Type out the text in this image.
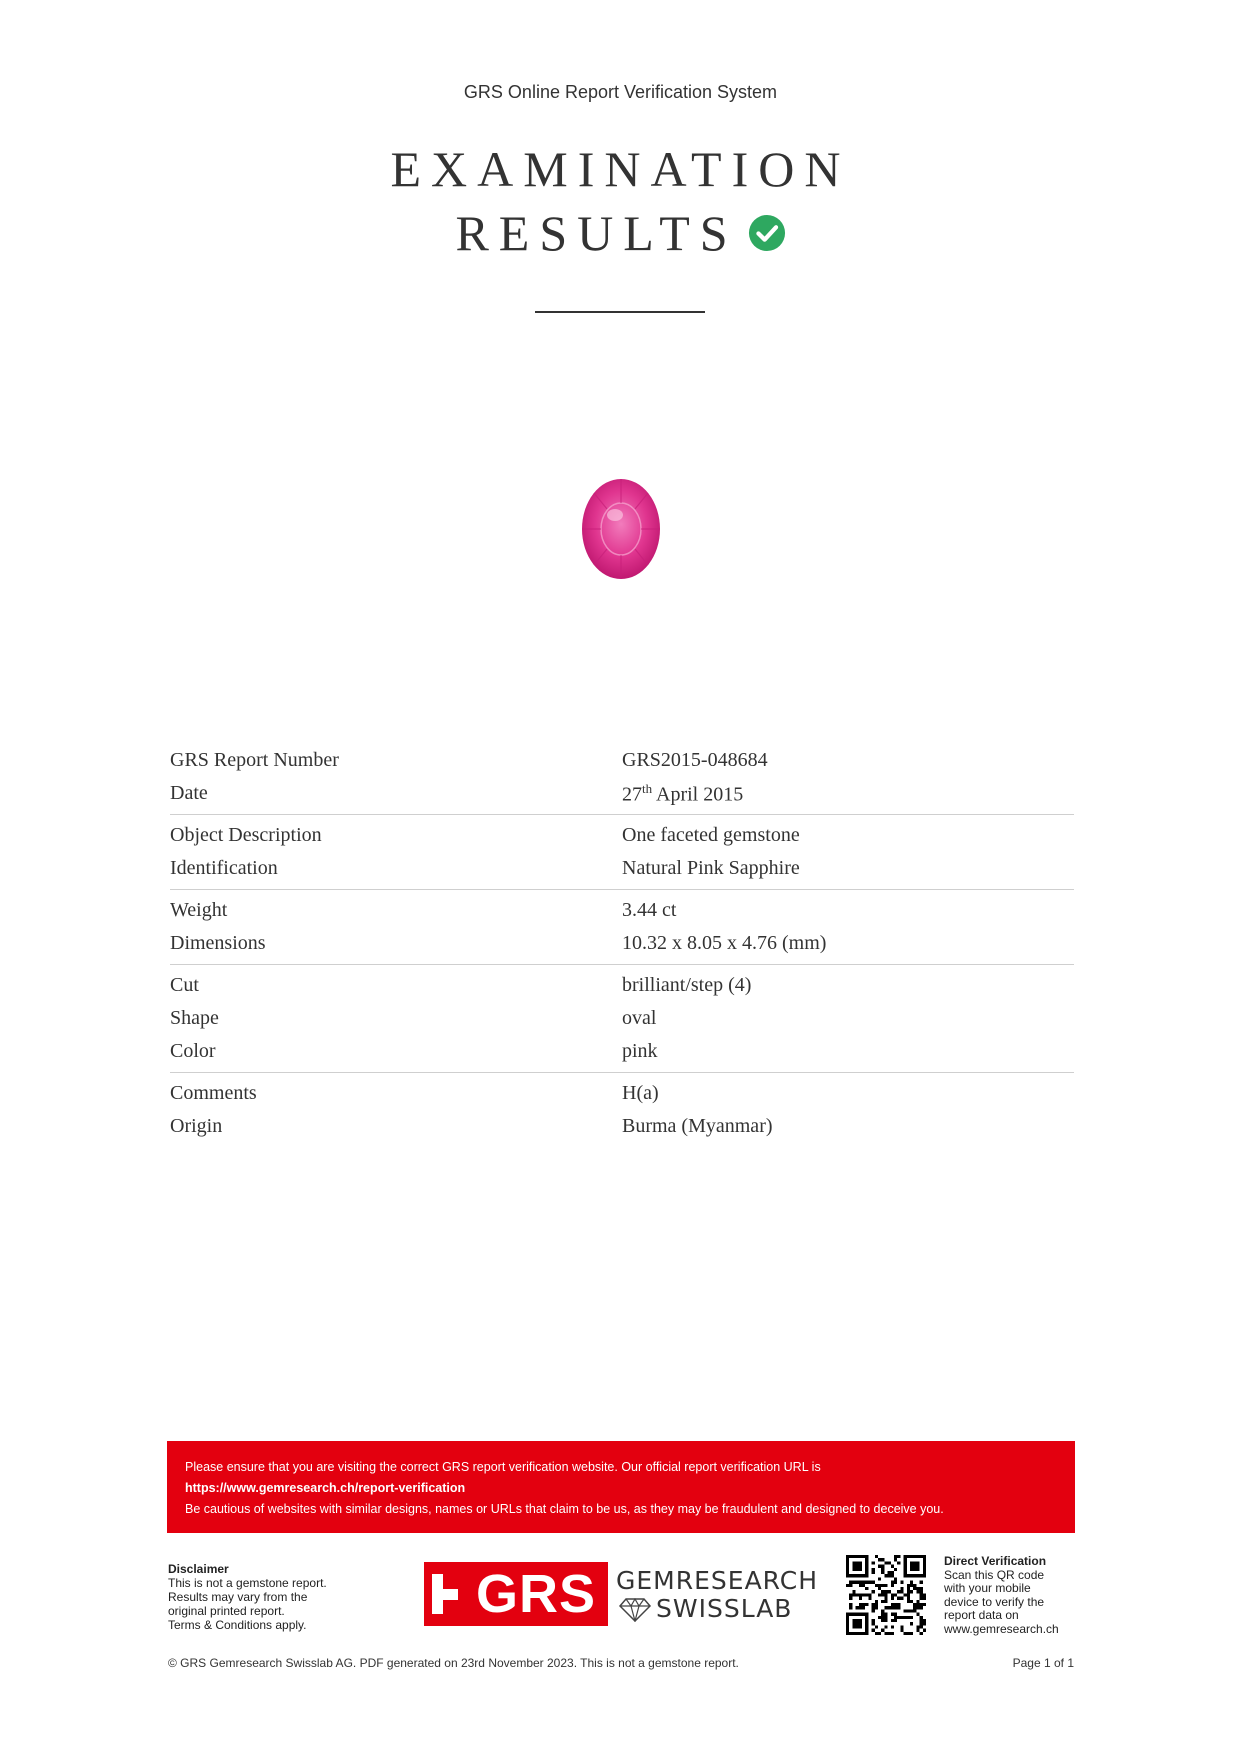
GRS Online Report Verification System
EXAMINATION
RESULTS
GRS Report Number	GRS2015-048684
Date	27th April 2015
Object Description	One faceted gemstone
Identification	Natural Pink Sapphire
Weight	3.44 ct
Dimensions	10.32 x 8.05 x 4.76 (mm)
Cut	brilliant/step (4)
Shape	oval
Color	pink
Comments	H(a)
Origin	Burma (Myanmar)
Please ensure that you are visiting the correct GRS report verification website. Our official report verification URL is
https://www.gemresearch.ch/report-verification
Be cautious of websites with similar designs, names or URLs that claim to be us, as they may be fraudulent and designed to deceive you.
Disclaimer
This is not a gemstone report.
Results may vary from the
original printed report.
Terms & Conditions apply.
GRS GEMRESEARCH
SWISSLAB
Direct Verification
Scan this QR code
with your mobile
device to verify the
report data on
www.gemresearch.ch
© GRS Gemresearch Swisslab AG. PDF generated on 23rd November 2023. This is not a gemstone report.	Page 1 of 1
